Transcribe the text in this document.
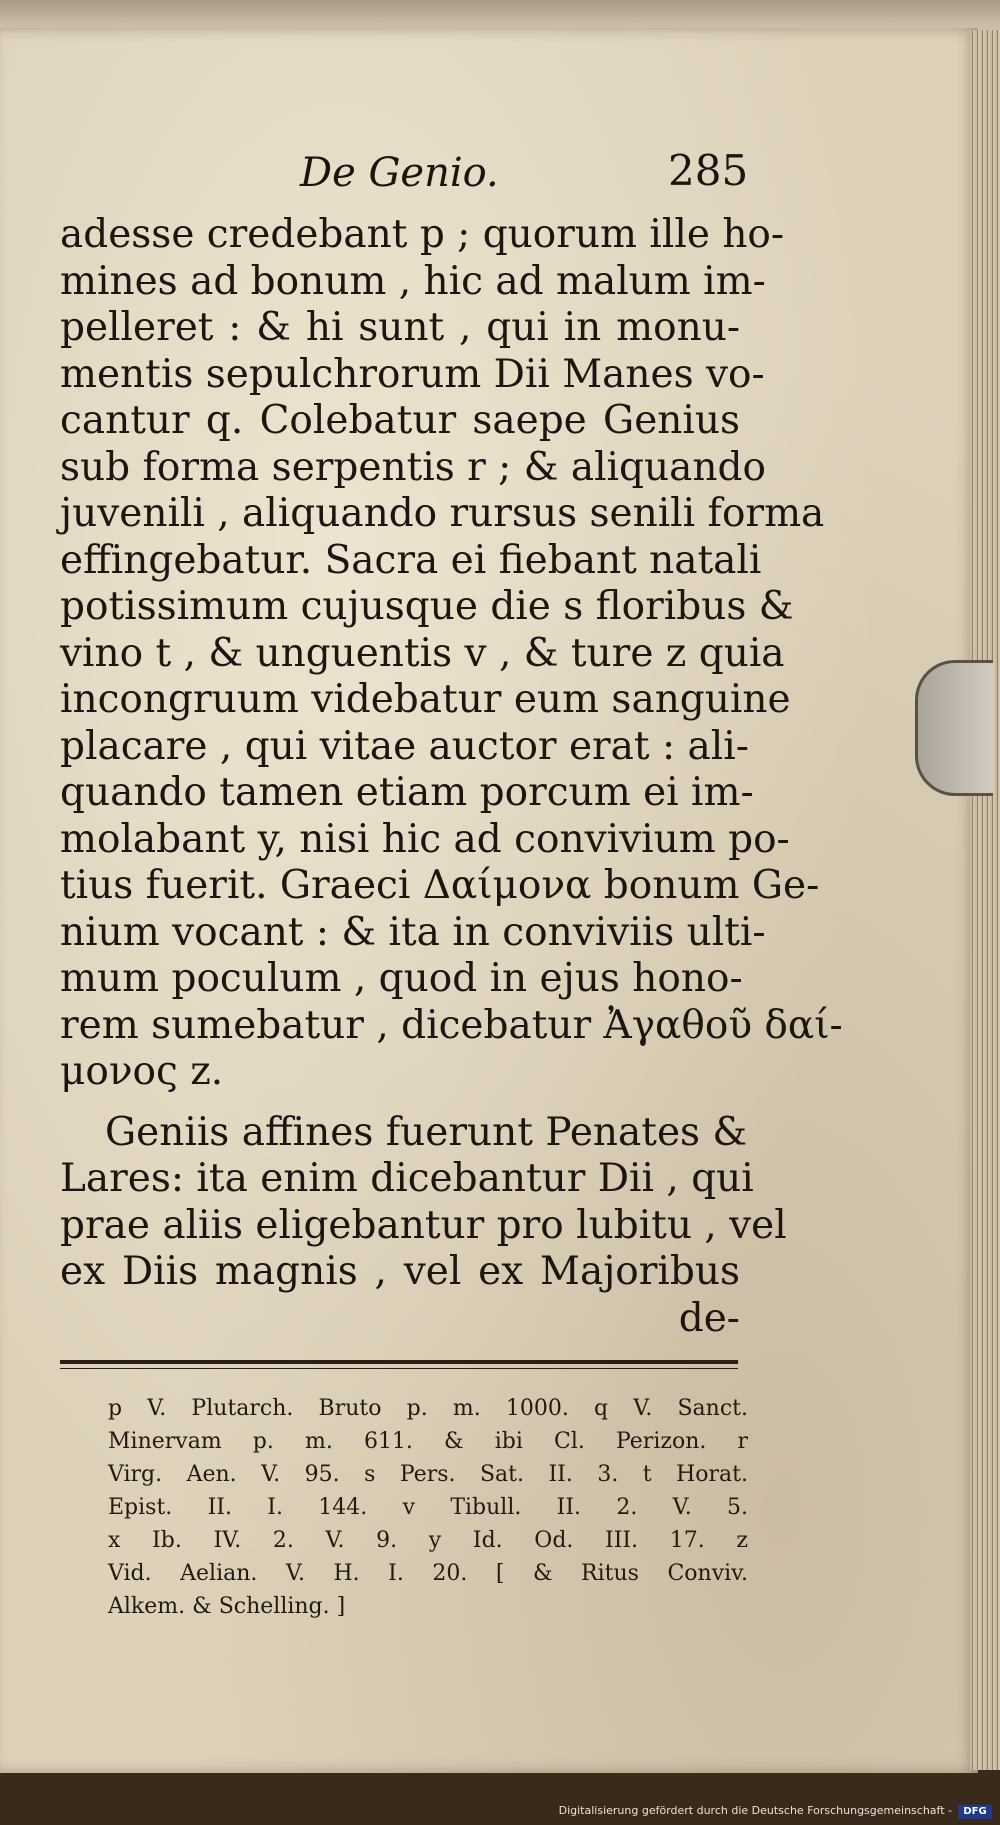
De Genio.	285
adesse credebant p ; quorum ille ho-
mines ad bonum , hic ad malum im-
pelleret : & hi sunt , qui in monu-
mentis sepulchrorum Dii Manes vo-
cantur q. Colebatur saepe Genius
sub forma serpentis r ; & aliquando
juvenili , aliquando rursus senili forma
effingebatur. Sacra ei fiebant natali
potissimum cujusque die s floribus &
vino t , & unguentis v , & ture z quia
incongruum videbatur eum sanguine
placare , qui vitae auctor erat : ali-
quando tamen etiam porcum ei im-
molabant y, nisi hic ad convivium po-
tius fuerit. Graeci Δαίμονα bonum Ge-
nium vocant : & ita in conviviis ulti-
mum poculum , quod in ejus hono-
rem sumebatur , dicebatur Ἀγαθοῦ δαί-
μονος z.
Geniis affines fuerunt Penates &
Lares: ita enim dicebantur Dii , qui
prae aliis eligebantur pro lubitu , vel
ex Diis magnis , vel ex Majoribus
de-
p V. Plutarch. Bruto p. m. 1000. q V. Sanct.
Minervam p. m. 611. & ibi Cl. Perizon. r
Virg. Aen. V. 95. s Pers. Sat. II. 3. t Horat.
Epist. II. I. 144. v Tibull. II. 2. V. 5.
x Ib. IV. 2. V. 9. y Id. Od. III. 17. z
Vid. Aelian. V. H. I. 20. [ & Ritus Conviv.
Alkem. & Schelling. ]
Digitalisierung gefördert durch die Deutsche Forschungsgemeinschaft -	DFG
